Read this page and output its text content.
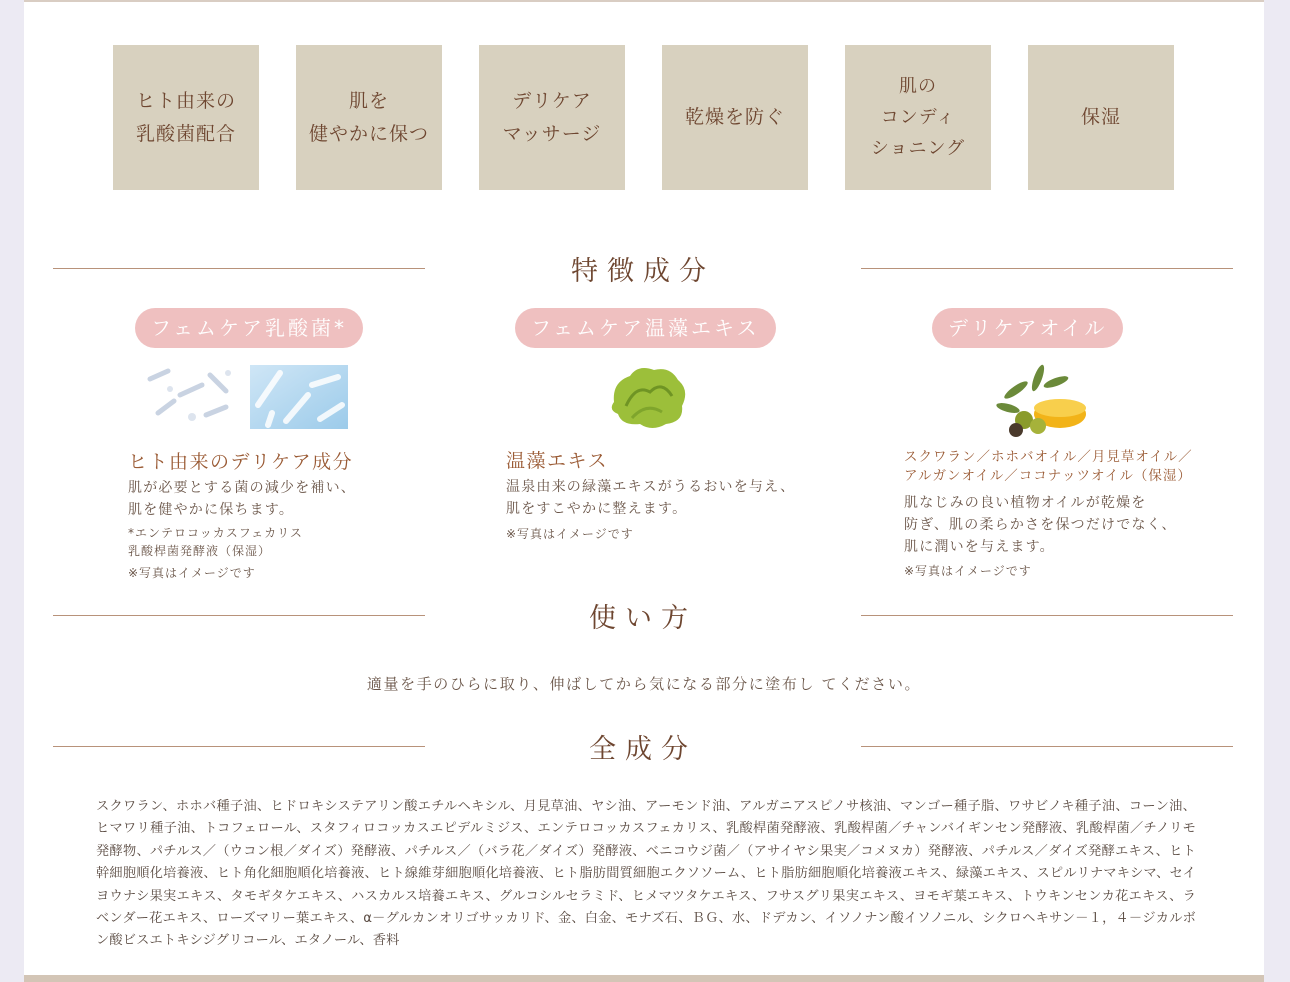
ヒト由来の
乳酸菌配合
肌を
健やかに保つ
デリケア
マッサージ
乾燥を防ぐ
肌の
コンディ
ショニング
保湿
特徴成分
フェムケア乳酸菌*
ヒト由来のデリケア成分
肌が必要とする菌の減少を補い、
肌を健やかに保ちます。
*エンテロコッカスフェカリス
乳酸桿菌発酵液（保湿）
※写真はイメージです
フェムケア温藻エキス
温藻エキス
温泉由来の緑藻エキスがうるおいを与え、
肌をすこやかに整えます。
※写真はイメージです
デリケアオイル
スクワラン／ホホバオイル／月見草オイル／
アルガンオイル／ココナッツオイル（保湿）
肌なじみの良い植物オイルが乾燥を
防ぎ、肌の柔らかさを保つだけでなく、
肌に潤いを与えます。
※写真はイメージです
使い方
適量を手のひらに取り、伸ばしてから気になる部分に塗布し てください。
全成分
スクワラン、ホホバ種子油、ヒドロキシステアリン酸エチルヘキシル、月見草油、ヤシ油、アーモンド油、アルガニアスピノサ核油、マンゴー種子脂、ワサビノキ種子油、コーン油、ヒマワリ種子油、トコフェロール、スタフィロコッカスエピデルミジス、エンテロコッカスフェカリス、乳酸桿菌発酵液、乳酸桿菌／チャンバイギンセン発酵液、乳酸桿菌／チノリモ発酵物、パチルス／（ウコン根／ダイズ）発酵液、パチルス／（バラ花／ダイズ）発酵液、ベニコウジ菌／（アサイヤシ果実／コメヌカ）発酵液、パチルス／ダイズ発酵エキス、ヒト幹細胞順化培養液、ヒト角化細胞順化培養液、ヒト線維芽細胞順化培養液、ヒト脂肪間質細胞エクソソーム、ヒト脂肪細胞順化培養液エキス、緑藻エキス、スピルリナマキシマ、セイヨウナシ果実エキス、タモギタケエキス、ハスカルス培養エキス、グルコシルセラミド、ヒメマツタケエキス、フサスグリ果実エキス、ヨモギ葉エキス、トウキンセンカ花エキス、ラベンダー花エキス、ローズマリー葉エキス、α－グルカンオリゴサッカリド、金、白金、モナズ石、ＢＧ、水、ドデカン、イソノナン酸イソノニル、シクロヘキサン－１，４－ジカルボン酸ビスエトキシジグリコール、エタノール、香料
